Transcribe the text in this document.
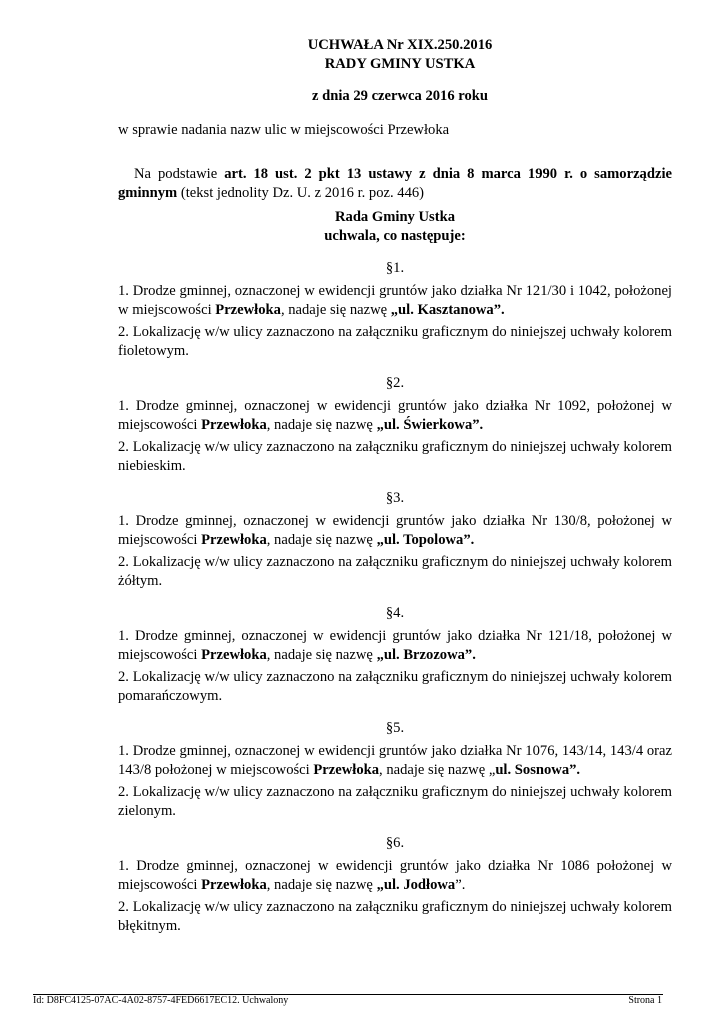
UCHWAŁA Nr XIX.250.2016
RADY GMINY USTKA
z dnia 29 czerwca 2016 roku
w sprawie nadania nazw ulic w miejscowości Przewłoka
Na podstawie art. 18 ust. 2 pkt 13 ustawy z dnia 8 marca 1990 r. o samorządzie gminnym (tekst jednolity Dz. U. z 2016 r. poz. 446)
Rada Gminy Ustka
uchwala, co następuje:
§1.
1. Drodze gminnej, oznaczonej w ewidencji gruntów jako działka Nr 121/30 i 1042, położonej w miejscowości Przewłoka, nadaje się nazwę „ul. Kasztanowa”.
2. Lokalizację w/w ulicy zaznaczono na załączniku graficznym do niniejszej uchwały kolorem fioletowym.
§2.
1. Drodze gminnej, oznaczonej w ewidencji gruntów jako działka Nr 1092, położonej w miejscowości Przewłoka, nadaje się nazwę „ul. Świerkowa”.
2. Lokalizację w/w ulicy zaznaczono na załączniku graficznym do niniejszej uchwały kolorem niebieskim.
§3.
1. Drodze gminnej, oznaczonej w ewidencji gruntów jako działka Nr 130/8, położonej w miejscowości Przewłoka, nadaje się nazwę „ul. Topolowa”.
2. Lokalizację w/w ulicy zaznaczono na załączniku graficznym do niniejszej uchwały kolorem żółtym.
§4.
1. Drodze gminnej, oznaczonej w ewidencji gruntów jako działka Nr 121/18, położonej w miejscowości Przewłoka, nadaje się nazwę „ul. Brzozowa”.
2. Lokalizację w/w ulicy zaznaczono na załączniku graficznym do niniejszej uchwały kolorem pomarańczowym.
§5.
1. Drodze gminnej, oznaczonej w ewidencji gruntów jako działka Nr 1076, 143/14, 143/4 oraz 143/8 położonej w miejscowości Przewłoka, nadaje się nazwę „ul. Sosnowa”.
2. Lokalizację w/w ulicy zaznaczono na załączniku graficznym do niniejszej uchwały kolorem zielonym.
§6.
1. Drodze gminnej, oznaczonej w ewidencji gruntów jako działka Nr 1086 położonej w miejscowości Przewłoka, nadaje się nazwę „ul. Jodłowa”.
2. Lokalizację w/w ulicy zaznaczono na załączniku graficznym do niniejszej uchwały kolorem błękitnym.
Id: D8FC4125-07AC-4A02-8757-4FED6617EC12. Uchwalony	Strona 1
